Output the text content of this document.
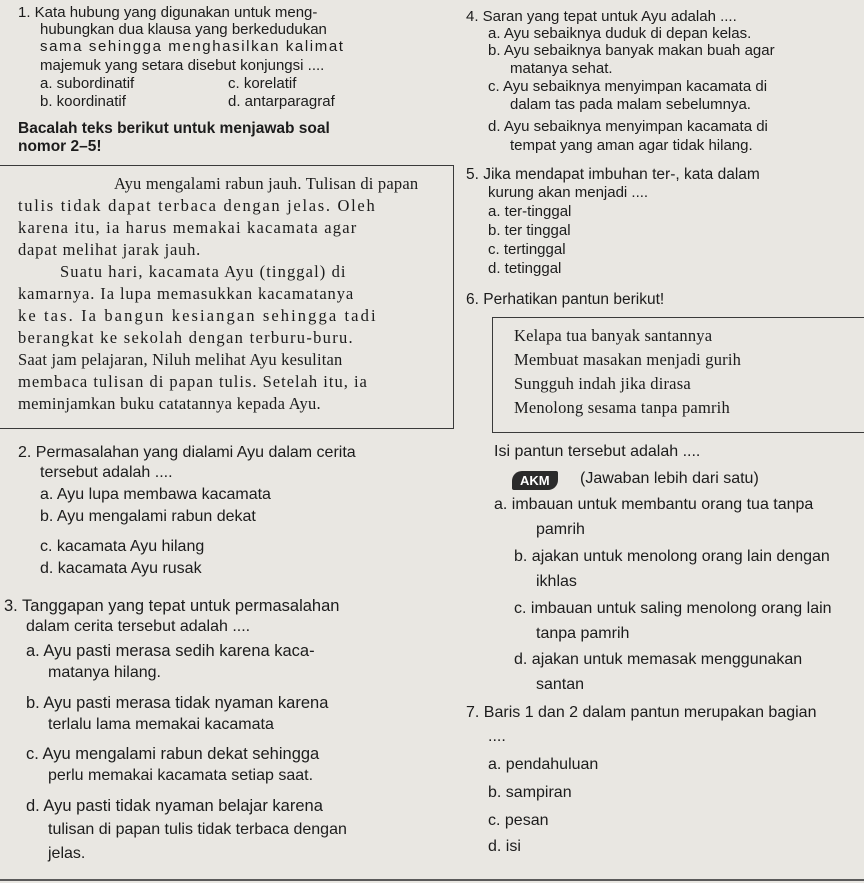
1. Kata hubung yang digunakan untuk meng-
hubungkan dua klausa yang berkedudukan
sama sehingga menghasilkan kalimat
majemuk yang setara disebut konjungsi ....
a. subordinatif	c. korelatif
b. koordinatif	d. antarparagraf
Bacalah teks berikut untuk menjawab soal
nomor 2–5!
Ayu mengalami rabun jauh. Tulisan di papan
tulis tidak dapat terbaca dengan jelas. Oleh
karena itu, ia harus memakai kacamata agar
dapat melihat jarak jauh.
Suatu hari, kacamata Ayu (tinggal) di
kamarnya. Ia lupa memasukkan kacamatanya
ke tas. Ia bangun kesiangan sehingga tadi
berangkat ke sekolah dengan terburu-buru.
Saat jam pelajaran, Niluh melihat Ayu kesulitan
membaca tulisan di papan tulis. Setelah itu, ia
meminjamkan buku catatannya kepada Ayu.
2. Permasalahan yang dialami Ayu dalam cerita
tersebut adalah ....
a. Ayu lupa membawa kacamata
b. Ayu mengalami rabun dekat
c. kacamata Ayu hilang
d. kacamata Ayu rusak
3. Tanggapan yang tepat untuk permasalahan
dalam cerita tersebut adalah ....
a. Ayu pasti merasa sedih karena kaca-
matanya hilang.
b. Ayu pasti merasa tidak nyaman karena
terlalu lama memakai kacamata
c. Ayu mengalami rabun dekat sehingga
perlu memakai kacamata setiap saat.
d. Ayu pasti tidak nyaman belajar karena
tulisan di papan tulis tidak terbaca dengan
jelas.
4. Saran yang tepat untuk Ayu adalah ....
a. Ayu sebaiknya duduk di depan kelas.
b. Ayu sebaiknya banyak makan buah agar
matanya sehat.
c. Ayu sebaiknya menyimpan kacamata di
dalam tas pada malam sebelumnya.
d. Ayu sebaiknya menyimpan kacamata di
tempat yang aman agar tidak hilang.
5. Jika mendapat imbuhan ter-, kata dalam
kurung akan menjadi ....
a. ter-tinggal
b. ter tinggal
c. tertinggal
d. tetinggal
6. Perhatikan pantun berikut!
Kelapa tua banyak santannya
Membuat masakan menjadi gurih
Sungguh indah jika dirasa
Menolong sesama tanpa pamrih
Isi pantun tersebut adalah ....
AKM	(Jawaban lebih dari satu)
a. imbauan untuk membantu orang tua tanpa
pamrih
b. ajakan untuk menolong orang lain dengan
ikhlas
c. imbauan untuk saling menolong orang lain
tanpa pamrih
d. ajakan untuk memasak menggunakan
santan
7. Baris 1 dan 2 dalam pantun merupakan bagian
....
a. pendahuluan
b. sampiran
c. pesan
d. isi
